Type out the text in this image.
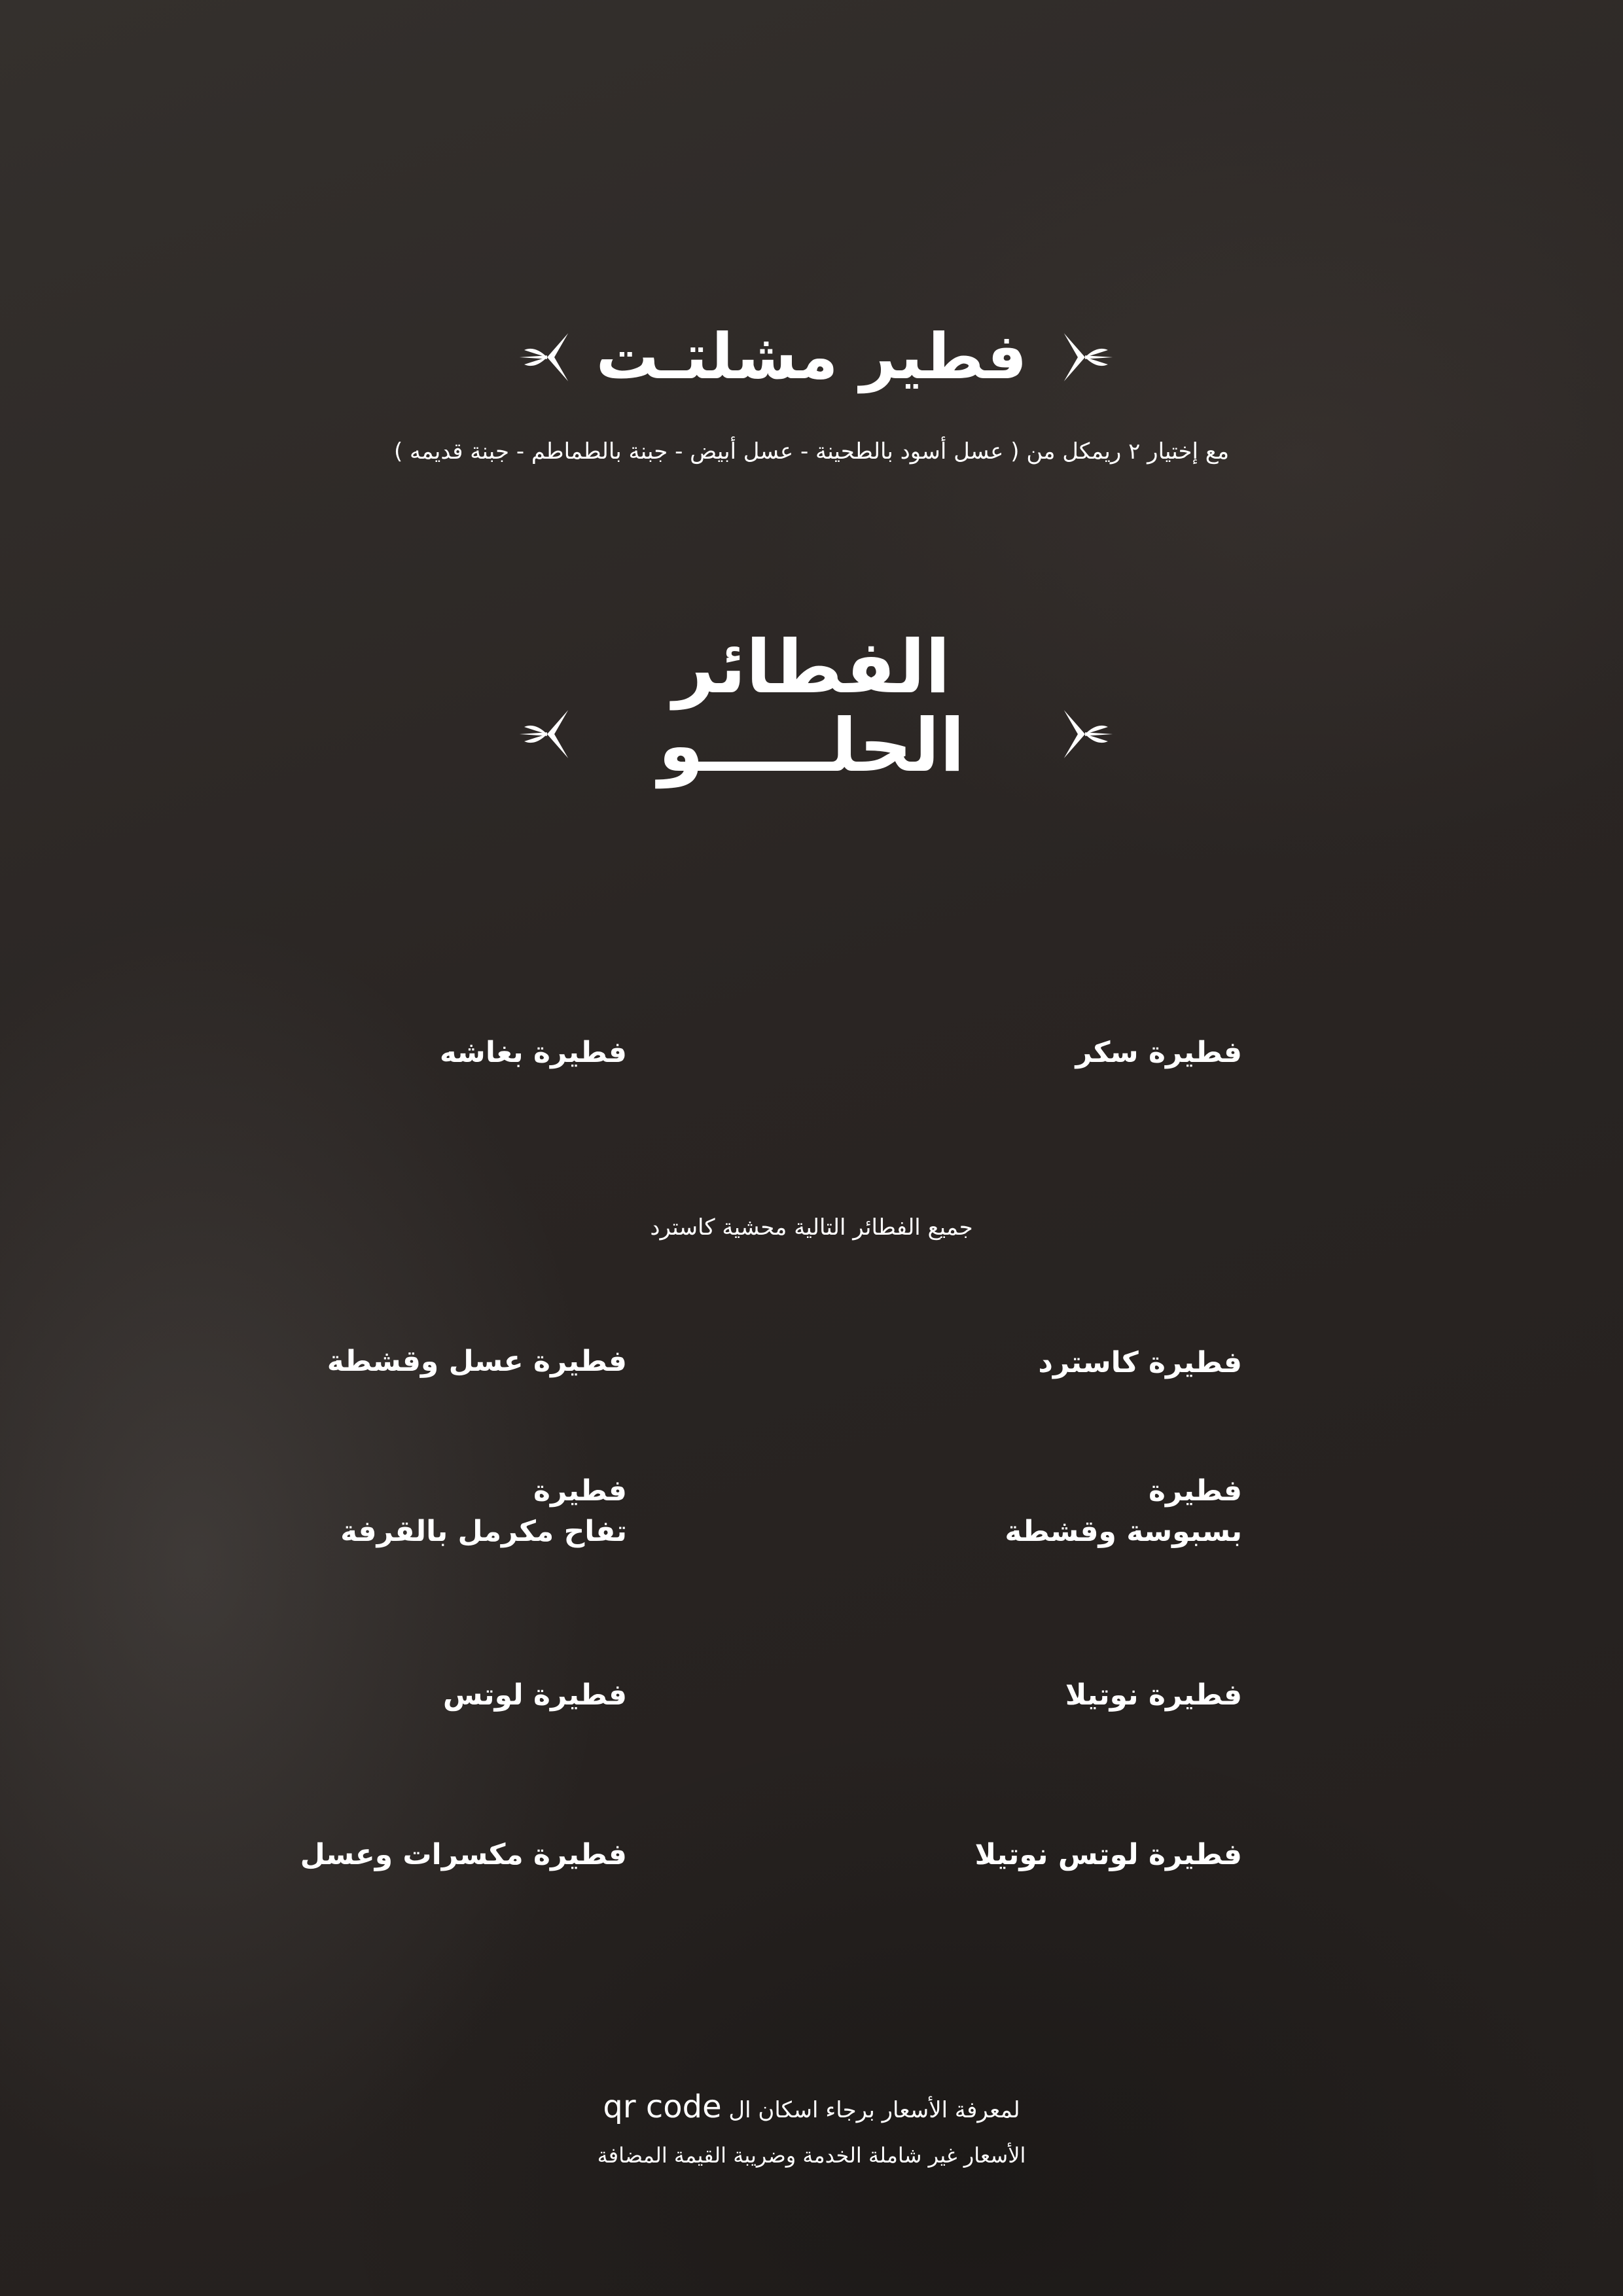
فطير مشلتـت
مع إختيار ٢ ريمكل من ( عسل أسود بالطحينة - عسل أبيض - جبنة بالطماطم - جبنة قديمه )
الفطائر
الحلـــــو
فطيرة سكر
فطيرة بغاشه
جميع الفطائر التالية محشية كاسترد
فطيرة كاسترد
فطيرة عسل وقشطة
فطيرة
بسبوسة وقشطة
فطيرة
تفاح مكرمل بالقرفة
فطيرة نوتيلا
فطيرة لوتس
فطيرة لوتس نوتيلا
فطيرة مكسرات وعسل
لمعرفة الأسعار برجاء اسكان ال qr code
الأسعار غير شاملة الخدمة وضريبة القيمة المضافة
